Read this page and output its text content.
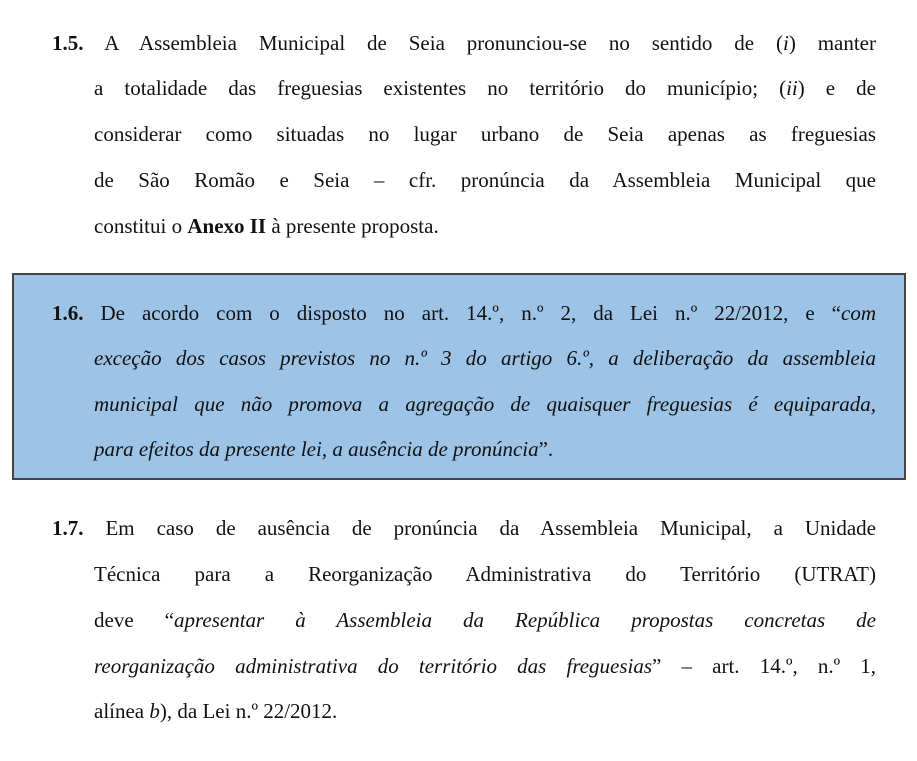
1.5. A Assembleia Municipal de Seia pronunciou-se no sentido de (i) manter
a totalidade das freguesias existentes no território do município; (ii) e de
considerar como situadas no lugar urbano de Seia apenas as freguesias
de São Romão e Seia – cfr. pronúncia da Assembleia Municipal que
constitui o Anexo II à presente proposta.
1.6. De acordo com o disposto no art. 14.º, n.º 2, da Lei n.º 22/2012, e “com
exceção dos casos previstos no n.º 3 do artigo 6.º, a deliberação da assembleia
municipal que não promova a agregação de quaisquer freguesias é equiparada,
para efeitos da presente lei, a ausência de pronúncia”.
1.7. Em caso de ausência de pronúncia da Assembleia Municipal, a Unidade
Técnica para a Reorganização Administrativa do Território (UTRAT)
deve “apresentar à Assembleia da República propostas concretas de
reorganização administrativa do território das freguesias” – art. 14.º, n.º 1,
alínea b), da Lei n.º 22/2012.
